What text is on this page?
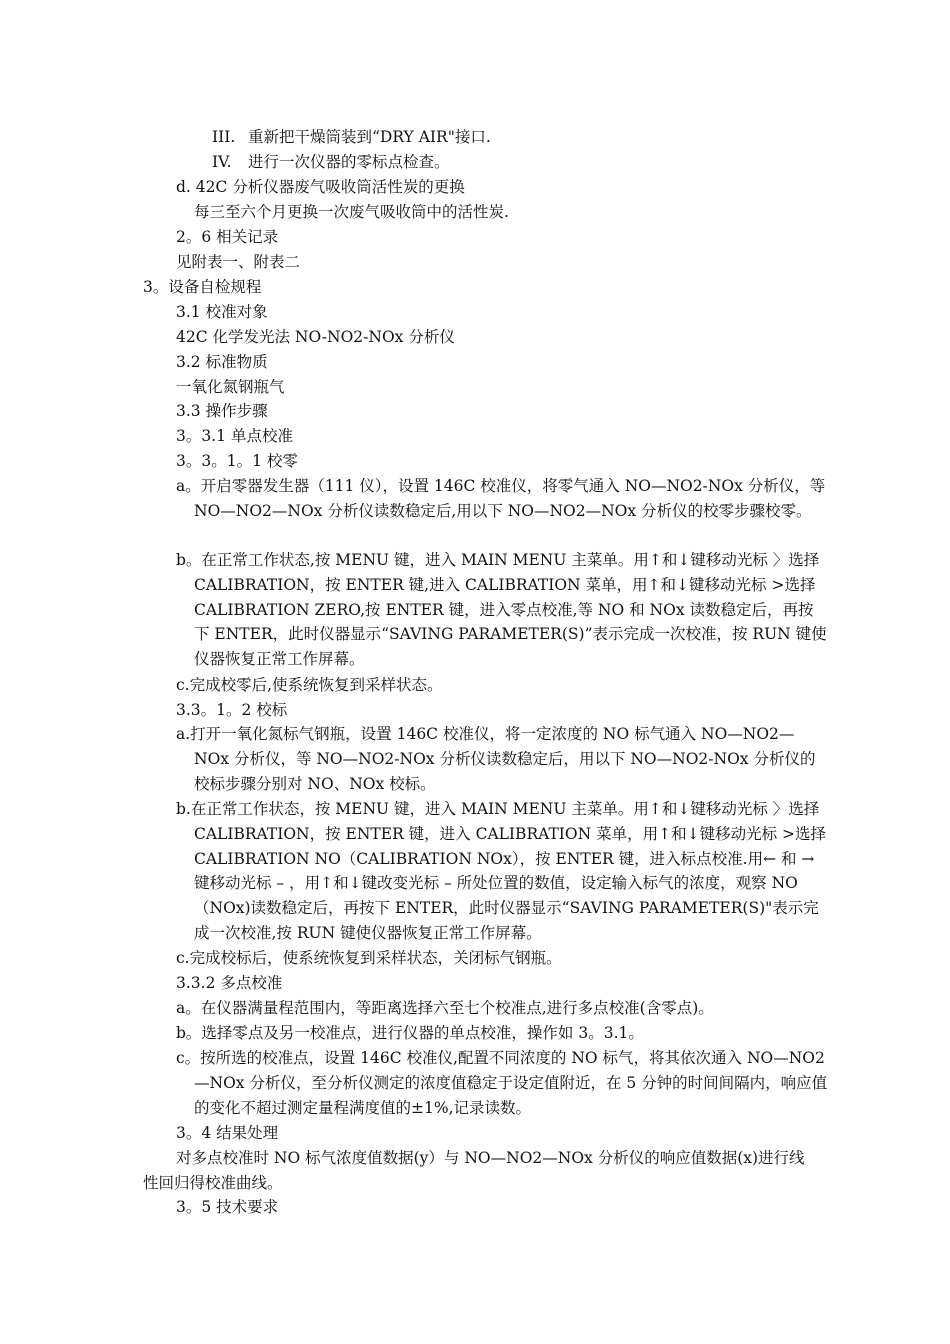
III. 重新把干燥筒装到“DRY AIR"接口.
IV. 进行一次仪器的零标点检查。
d. 42C 分析仪器废气吸收筒活性炭的更换
每三至六个月更换一次废气吸收筒中的活性炭.
2。6 相关记录
见附表一、附表二
3。设备自检规程
3.1 校准对象
42C 化学发光法 NO-NO2-NOx 分析仪
3.2 标准物质
一氧化氮钢瓶气
3.3 操作步骤
3。3.1 单点校准
3。3。1。1 校零
a。开启零器发生器（111 仪），设置 146C 校准仪，将零气通入 NO—NO2-NOx 分析仪，等 NO—NO2—NOx 分析仪读数稳定后,用以下 NO—NO2—NOx 分析仪的校零步骤校零。
b。在正常工作状态,按 MENU 键，进入 MAIN MENU 主菜单。用↑和↓键移动光标 〉选择 CALIBRATION，按 ENTER 键,进入 CALIBRATION 菜单，用↑和↓键移动光标 >选择 CALIBRATION ZERO,按 ENTER 键，进入零点校准,等 NO 和 NOx 读数稳定后，再按下 ENTER，此时仪器显示“SAVING PARAMETER(S)”表示完成一次校准，按 RUN 键使仪器恢复正常工作屏幕。
c.完成校零后,使系统恢复到采样状态。
3.3。1。2 校标
a.打开一氧化氮标气钢瓶，设置 146C 校准仪，将一定浓度的 NO 标气通入 NO—NO2—NOx 分析仪，等 NO—NO2-NOx 分析仪读数稳定后，用以下 NO—NO2-NOx 分析仪的校标步骤分别对 NO、NOx 校标。
b.在正常工作状态，按 MENU 键，进入 MAIN MENU 主菜单。用↑和↓键移动光标 〉选择 CALIBRATION，按 ENTER 键，进入 CALIBRATION 菜单，用↑和↓键移动光标 >选择 CALIBRATION NO（CALIBRATION NOx），按 ENTER 键，进入标点校准.用← 和 → 键移动光标 – ，用↑和↓键改变光标 – 所处位置的数值，设定输入标气的浓度，观察 NO（NOx)读数稳定后，再按下 ENTER，此时仪器显示“SAVING PARAMETER(S)"表示完成一次校准,按 RUN 键使仪器恢复正常工作屏幕。
c.完成校标后，使系统恢复到采样状态，关闭标气钢瓶。
3.3.2 多点校准
a。在仪器满量程范围内，等距离选择六至七个校准点,进行多点校准(含零点)。
b。选择零点及另一校准点，进行仪器的单点校准，操作如 3。3.1。
c。按所选的校准点，设置 146C 校准仪,配置不同浓度的 NO 标气，将其依次通入 NO—NO2—NOx 分析仪，至分析仪测定的浓度值稳定于设定值附近，在 5 分钟的时间间隔内，响应值的变化不超过测定量程满度值的±1%,记录读数。
3。4 结果处理
对多点校准时 NO 标气浓度值数据(y）与 NO—NO2—NOx 分析仪的响应值数据(x)进行线性回归得校准曲线。
3。5 技术要求
